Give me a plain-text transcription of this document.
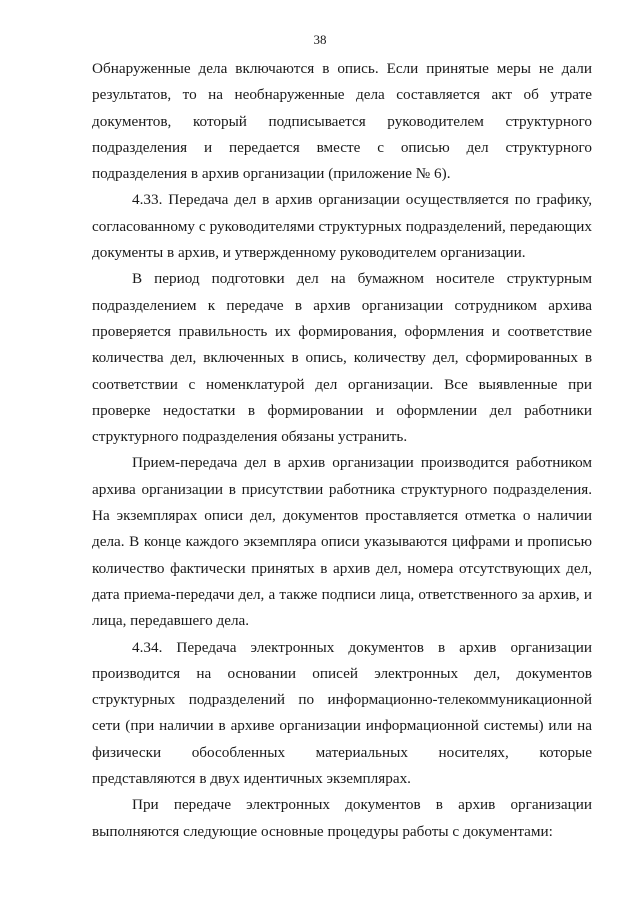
38

Обнаруженные дела включаются в опись. Если принятые меры не дали результатов, то на необнаруженные дела составляется акт об утрате документов, который подписывается руководителем структурного подразделения и передается вместе с описью дел структурного подразделения в архив организации (приложение № 6).

4.33. Передача дел в архив организации осуществляется по графику, согласованному с руководителями структурных подразделений, передающих документы в архив, и утвержденному руководителем организации.

В период подготовки дел на бумажном носителе структурным подразделением к передаче в архив организации сотрудником архива проверяется правильность их формирования, оформления и соответствие количества дел, включенных в опись, количеству дел, сформированных в соответствии с номенклатурой дел организации. Все выявленные при проверке недостатки в формировании и оформлении дел работники структурного подразделения обязаны устранить.

Прием-передача дел в архив организации производится работником архива организации в присутствии работника структурного подразделения. На экземплярах описи дел, документов проставляется отметка о наличии дела. В конце каждого экземпляра описи указываются цифрами и прописью количество фактически принятых в архив дел, номера отсутствующих дел, дата приема-передачи дел, а также подписи лица, ответственного за архив, и лица, передавшего дела.

4.34. Передача электронных документов в архив организации производится на основании описей электронных дел, документов структурных подразделений по информационно-телекоммуникационной сети (при наличии в архиве организации информационной системы) или на физически обособленных материальных носителях, которые представляются в двух идентичных экземплярах.

При передаче электронных документов в архив организации выполняются следующие основные процедуры работы с документами:
